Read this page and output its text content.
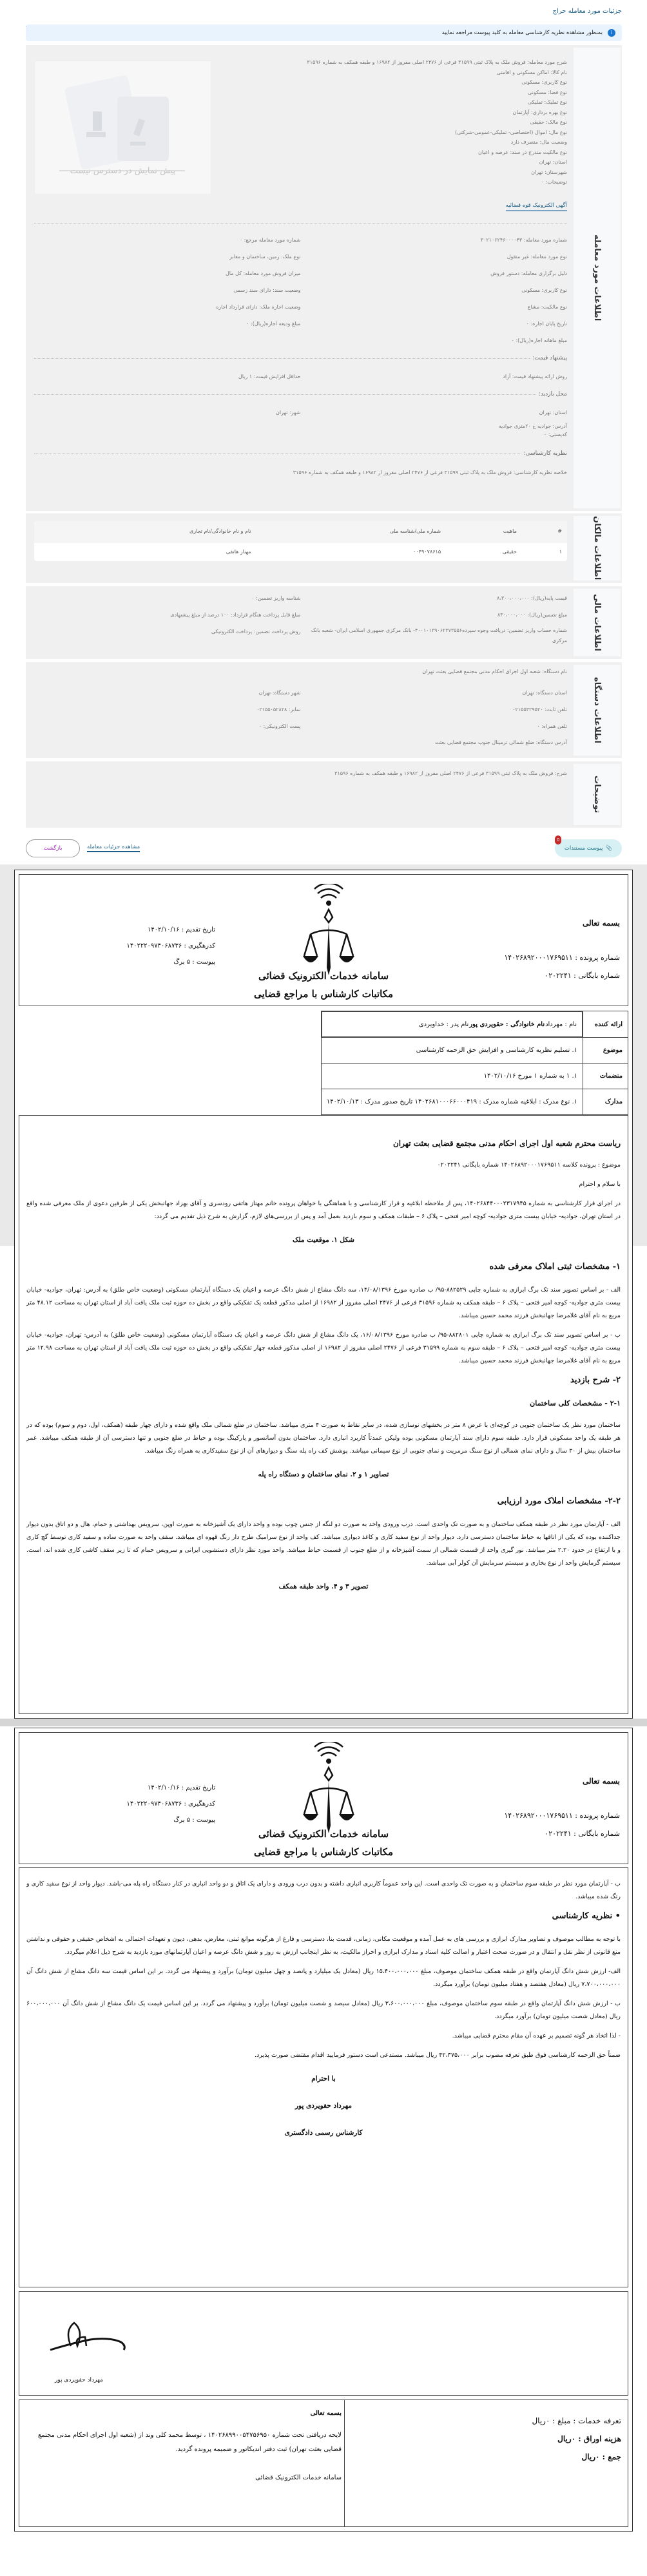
جزئیات مورد معامله حراج
i
بمنظور مشاهده نظریه کارشناسی معامله به کلید پیوست مراجعه نمایید
اطلاعات مورد معامله
شرح مورد معامله: فروش ملک به پلاک ثبتی ۳۱۵۹۹ فرعی از ۲۴۷۶ اصلی مفروز از ۱۶۹۸۲ و طبقه همکف به شماره ۳۱۵۹۶
نام کالا: اماکن مسکونی و اقامتی
نوع کاربری: مسکونی
نوع فضا: مسکونی
نوع تملیک: تملیکی
نوع بهره برداری: آپارتمان
نوع مالک: حقیقی
نوع مال: اموال (اختصاصی- تملیکی-عمومی-شرکتی)
وضعیت مال: متصرف دارد
نوع مالکیت مندرج در سند: عرصه و اعیان
استان: تهران
شهرستان: تهران
توضیحات: ۰
آگهی الکترونیک قوه قضائیه
شماره مورد معامله: ۳۰۲۱۰۶۲۴۶۰۰۰۰۴۳
شماره مورد معامله مرجع: ۰
نوع مورد معامله: غیر منقول
نوع ملک: زمین، ساختمان و معابر
دلیل برگزاری معامله: دستور فروش
میزان فروش مورد معامله: کل مال
نوع کاربری: مسکونی
وضعیت سند: دارای سند رسمی
نوع مالکیت: مشاع
وضعیت اجاره ملک: دارای قرارداد اجاره
تاریخ پایان اجاره: ۰
مبلغ ودیعه اجاره(ریال): ۰
مبلغ ماهانه اجاره(ریال): ۰
پیشنهاد قیمت:
روش ارائه پیشنهاد قیمت: آزاد
حداقل افزایش قیمت: ۱ ریال
محل بازدید:
استان: تهران
شهر: تهران
آدرس: جوادیه خ ۲۰متری جوادیه
کدپستی: ۰
نظریه کارشناسی:
خلاصه نظریه کارشناسی: فروش ملک به پلاک ثبتی ۳۱۵۹۹ فرعی از ۲۴۷۶ اصلی مفروز از ۱۶۹۸۲ و طبقه همکف به شماره ۳۱۵۹۶
پیش نمایش در دسترس نیست
اطلاعات مالکان
#	ماهیت	شماره ملی/شناسه ملی	نام و نام خانوادگی/نام تجاری
۱	حقیقی	۰۰۴۹۰۷۸۶۱۵	مهناز هاتفی
اطلاعات مالی
قیمت پایه(ریال): ۸،۳۰۰،۰۰۰،۰۰۰
شناسه واریز تضمین: ۰
مبلغ تضمین(ریال): ۸۳۰،۰۰۰،۰۰۰
مبلغ قابل پرداخت هنگام قرارداد: ۱۰۰ درصد از مبلغ پیشنهادی
شماره حساب واریز تضمین: دریافت وجوه سپرده۴۰۰۱۰۱۳۹۰۶۲۳۷۳۵۵۶- بانک مرکزی جمهوری اسلامی ایران- شعبه بانک مرکزی
روش پرداخت تضمین: پرداخت الکترونیکی
اطلاعات دستگاه
نام دستگاه: شعبه اول اجرای احکام مدنی مجتمع قضایی بعثت تهران
استان دستگاه: تهران
شهر دستگاه: تهران
تلفن ثابت: ۰۲۱۵۵۳۲۹۵۲۰
نمابر: ۰۲۱۵۵۰۵۲۸۲۸
تلفن همراه: ۰
پست الکترونیکی: ۰
آدرس دستگاه: ضلع شمالی ترمینال جنوب مجتمع قضایی بعثت
توضیحات
شرح: فروش ملک به پلاک ثبتی ۳۱۵۹۹ فرعی از ۲۴۷۶ اصلی مفروز از ۱۶۹۸۲ و طبقه همکف به شماره ۳۱۵۹۶
📎
پیوست مستندات
0
مشاهده جزئیات معامله
بازگشت
بسمه تعالی
شماره پرونده : ۱۴۰۲۶۸۹۲۰۰۰۱۷۶۹۵۱۱
شماره بایگانی : ۰۲۰۲۲۴۱
تاریخ تقدیم : ۱۴۰۲/۱۰/۱۶
کدرهگیری : ۱۴۰۲۲۲۰۹۷۴۰۶۸۷۳۶
پیوست : ۵ برگ
سامانه خدمات الکترونیک قضائی
مکاتبات کارشناس با مراجع قضایی
ارائه کننده	
نام : مهرداد
نام خانوادگی : حقویردی پور
نام پدر : خداویردی

موضوع	۱. تسلیم نظریه کارشناسی و افزایش حق الزحمه کارشناسی
منضمات	۱. ۱ به شماره ۱ مورخ ۱۴۰۲/۱۰/۱۶
مدارک	۱. نوع مدرک : ابلاغیه شماره مدرک : ۱۴۰۲۶۸۱۰۰۰۶۶۰۰۰۴۱۹ تاریخ صدور مدرک : ۱۴۰۲/۱۰/۱۳
ریاست محترم شعبه اول اجرای احکام مدنی مجتمع قضایی بعثت تهران

موضوع : پرونده کلاسه ۱۴۰۲۶۸۹۲۰۰۰۱۷۶۹۵۱۱ شماره بایگانی ۰۲۰۲۲۴۱

با سلام و احترام

در اجرای قرار کارشناسی به شماره ۱۴۰۲۶۸۴۴۰۰۰۲۳۱۷۹۴۵، پس از ملاحظه ابلاغیه و قرار کارشناسی و با هماهنگی با خواهان پرونده خانم مهناز هاتفی رودسری و آقای بهزاد جهانبخش یکی از طرفین دعوی از ملک معرفی شده واقع در استان تهران، جوادیه- خیابان بیست متری جوادیه- کوچه امیر فتحی – پلاک ۶ – طبقات همکف و سوم بازدید بعمل آمد و پس از بررسی‌های لازم، گزارش به شرح ذیل تقدیم می گردد:

شکل ۱. موقعیت ملک
۱- مشخصات ثبتی املاک معرفی شده

الف - بر اساس تصویر سند تک برگ ابرازی به شماره چاپی ۸۸۲۵۲۹-۹۵/ ب صادره مورخ ۱۴/۰۸/۱۳۹۶، سه دانگ مشاع از شش دانگ عرصه و اعیان یک دستگاه آپارتمان مسکونی (وضعیت خاص طلق) به آدرس: تهران، جوادیه- خیابان بیست متری جوادیه- کوچه امیر فتحی – پلاک ۶ – طبقه همکف به شماره ۳۱۵۹۶ فرعی از ۲۴۷۶ اصلی مفروز از ۱۶۹۸۲ از اصلی مذکور قطعه یک تفکیکی واقع در بخش ده حوزه ثبت ملک یافت آباد از استان تهران به مساحت ۴۸.۱۲ متر مربع به نام آقای غلامرضا جهانبخش فرزند محمد حسین میباشد.

ب - بر اساس تصویر سند تک برگ ابرازی به شماره چاپی ۸۸۲۸۰۱-۹۵/ ب صادره مورخ ۱۶/۰۸/۱۳۹۶، یک دانگ مشاع از شش دانگ عرصه و اعیان یک دستگاه آپارتمان مسکونی (وضعیت خاص طلق) به آدرس: تهران، جوادیه- خیابان بیست متری جوادیه- کوچه امیر فتحی – پلاک ۶ – طبقه سوم به شماره ۳۱۵۹۹ فرعی از ۲۴۷۶ اصلی مفروز از ۱۶۹۸۲ از اصلی مذکور قطعه چهار تفکیکی واقع در بخش ده حوزه ثبت ملک یافت آباد از استان تهران به مساحت ۱۲.۹۸ متر مربع به نام آقای غلامرضا جهانبخش فرزند محمد حسین میباشد.

۲- شرح بازدید
۲-۱ - مشخصات کلی ساختمان

ساختمان مورد نظر یک ساختمان جنوبی در کوچه‌ای با عرض ۸ متر در بخشهای نوسازی شده، در سایر نقاط به صورت ۴ متری میباشد. ساختمان در ضلع شمالی ملک واقع شده و دارای چهار طبقه (همکف، اول، دوم و سوم) بوده که در هر طبقه یک واحد مسکونی قرار دارد. طبقه سوم دارای سند آپارتمان مسکونی بوده ولیکن عمدتاً کاربرد انباری دارد. ساختمان بدون آسانسور و پارکینگ بوده و حیاط در ضلع جنوبی و تنها دسترسی آن از طبقه همکف میباشد. عمر ساختمان بیش از ۳۰ سال و دارای نمای شمالی از نوع سنگ مرمریت و نمای جنوبی از نوع سیمانی میباشد. پوشش کف راه پله سنگ و دیوارهای آن از نوع سفیدکاری به همراه رنگ میباشد.

تصاویر ۱ و ۲. نمای ساختمان و دستگاه راه پله
۲-۲- مشخصات املاک مورد ارزیابی

الف - آپارتمان مورد نظر در طبقه همکف ساختمان و به صورت تک واحدی است. درب ورودی واحد به صورت دو لنگه از جنس چوب بوده و واحد دارای یک آشپزخانه به صورت اوپن، سرویس بهداشتی و حمام، هال و دو اتاق بدون دیوار جداکننده بوده که یکی از اتاقها به حیاط ساختمان دسترسی دارد. دیوار واحد از نوع سفید کاری و کاغذ دیواری میباشد. کف واحد از نوع سرامیک طرح دار رنگ قهوه ای میباشد. سقف واحد به صورت ساده و سفید کاری توسط گچ کاری و با ارتفاع در حدود ۲.۲۰ متر میباشد. نور گیری واحد از قسمت شمالی از سمت آشپزخانه و از ضلع جنوب از قسمت حیاط میباشد. واحد مورد نظر دارای دستشویی ایرانی و سرویس حمام که تا زیر سقف کاشی کاری شده اند، است. سیستم گرمایش واحد از نوع بخاری و سیستم سرمایش آن کولر آبی میباشد.

تصویر ۳ و ۴. واحد طبقه همکف
بسمه تعالی
شماره پرونده : ۱۴۰۲۶۸۹۲۰۰۰۱۷۶۹۵۱۱
شماره بایگانی : ۰۲۰۲۲۴۱
تاریخ تقدیم : ۱۴۰۲/۱۰/۱۶
کدرهگیری : ۱۴۰۲۲۲۰۹۷۴۰۶۸۷۳۶
پیوست : ۵ برگ
سامانه خدمات الکترونیک قضائی
مکاتبات کارشناس با مراجع قضایی

ب - آپارتمان مورد نظر در طبقه سوم ساختمان و به صورت تک واحدی است. این واحد عموماً کاربری انباری داشته و بدون درب ورودی و دارای یک اتاق و دو واحد انباری در کنار دستگاه راه پله می-باشد. دیوار واحد از نوع سفید کاری و رنگ شده میباشد.

• نظریه کارشناسی

با توجه به مطالب موصوف و تصاویر مدارک ابرازی و بررسی های به عمل آمده و موقعیت مکانی، زمانی، قدمت بنا، دسترسی و فارغ از هرگونه موانع ثبتی، معارض، بدهی، دیون و تعهدات احتمالی به اشخاص حقیقی و حقوقی و نداشتن منع قانونی از نظر نقل و انتقال و در صورت صحت اعتبار و اصالت کلیه اسناد و مدارک ابرازی و احراز مالکیت، به نظر اینجانب ارزش به روز و شش دانگ عرصه و اعیان آپارتمانهای مورد بازدید به شرح ذیل اعلام میگردد.

الف- ارزش شش دانگ آپارتمان واقع در طبقه همکف ساختمان موصوف، مبلغ ۱۵،۴۰۰،۰۰۰،۰۰۰ ریال (معادل یک میلیارد و پانصد و چهل میلیون تومان) برآورد و پیشنهاد می گردد. بر این اساس قیمت سه دانگ مشاع از شش دانگ آن ۷،۷۰۰،۰۰۰،۰۰۰ ریال (معادل هفتصد و هفتاد میلیون تومان) برآورد میگردد.

ب - ارزش شش دانگ آپارتمان واقع در طبقه سوم ساختمان موصوف، مبلغ ۳،۶۰۰،۰۰۰،۰۰۰ ریال (معادل سیصد و شصت میلیون تومان) برآورد و پیشنهاد می گردد. بر این اساس قیمت یک دانگ مشاع از شش دانگ آن ۶۰۰،۰۰۰،۰۰۰ ریال (معادل شصت میلیون تومان) برآورد میگردد.

- لذا اتخاذ هر گونه تصمیم بر عهده آن مقام محترم قضایی میباشد.

ضمناً حق الزحمه کارشناسی فوق طبق تعرفه مصوب برابر ۴۲،۳۷۵،۰۰۰ ریال میباشد. مستدعی است دستور فرمایید اقدام مقتضی صورت پذیرد.

با احترام
مهرداد حقویردی پور
کارشناس رسمی دادگستری
مهرداد حقویردی پور
تعرفه خدمات : مبلغ : ۰ریال
هزینه اوراق : ۰ریال
جمع : ۰ریال
بسمه تعالی
لایحه دریافتی تحت شماره ۱۴۰۲۶۸۹۹۰۰۵۴۷۵۶۹۵۰ ، توسط محمد کلی وند از (شعبه اول اجرای احکام مدنی مجتمع قضایی بعثت تهران) ثبت دفتر اندیکاتور و ضمیمه پرونده گردید.
سامانه خدمات الکترونیک قضائی
